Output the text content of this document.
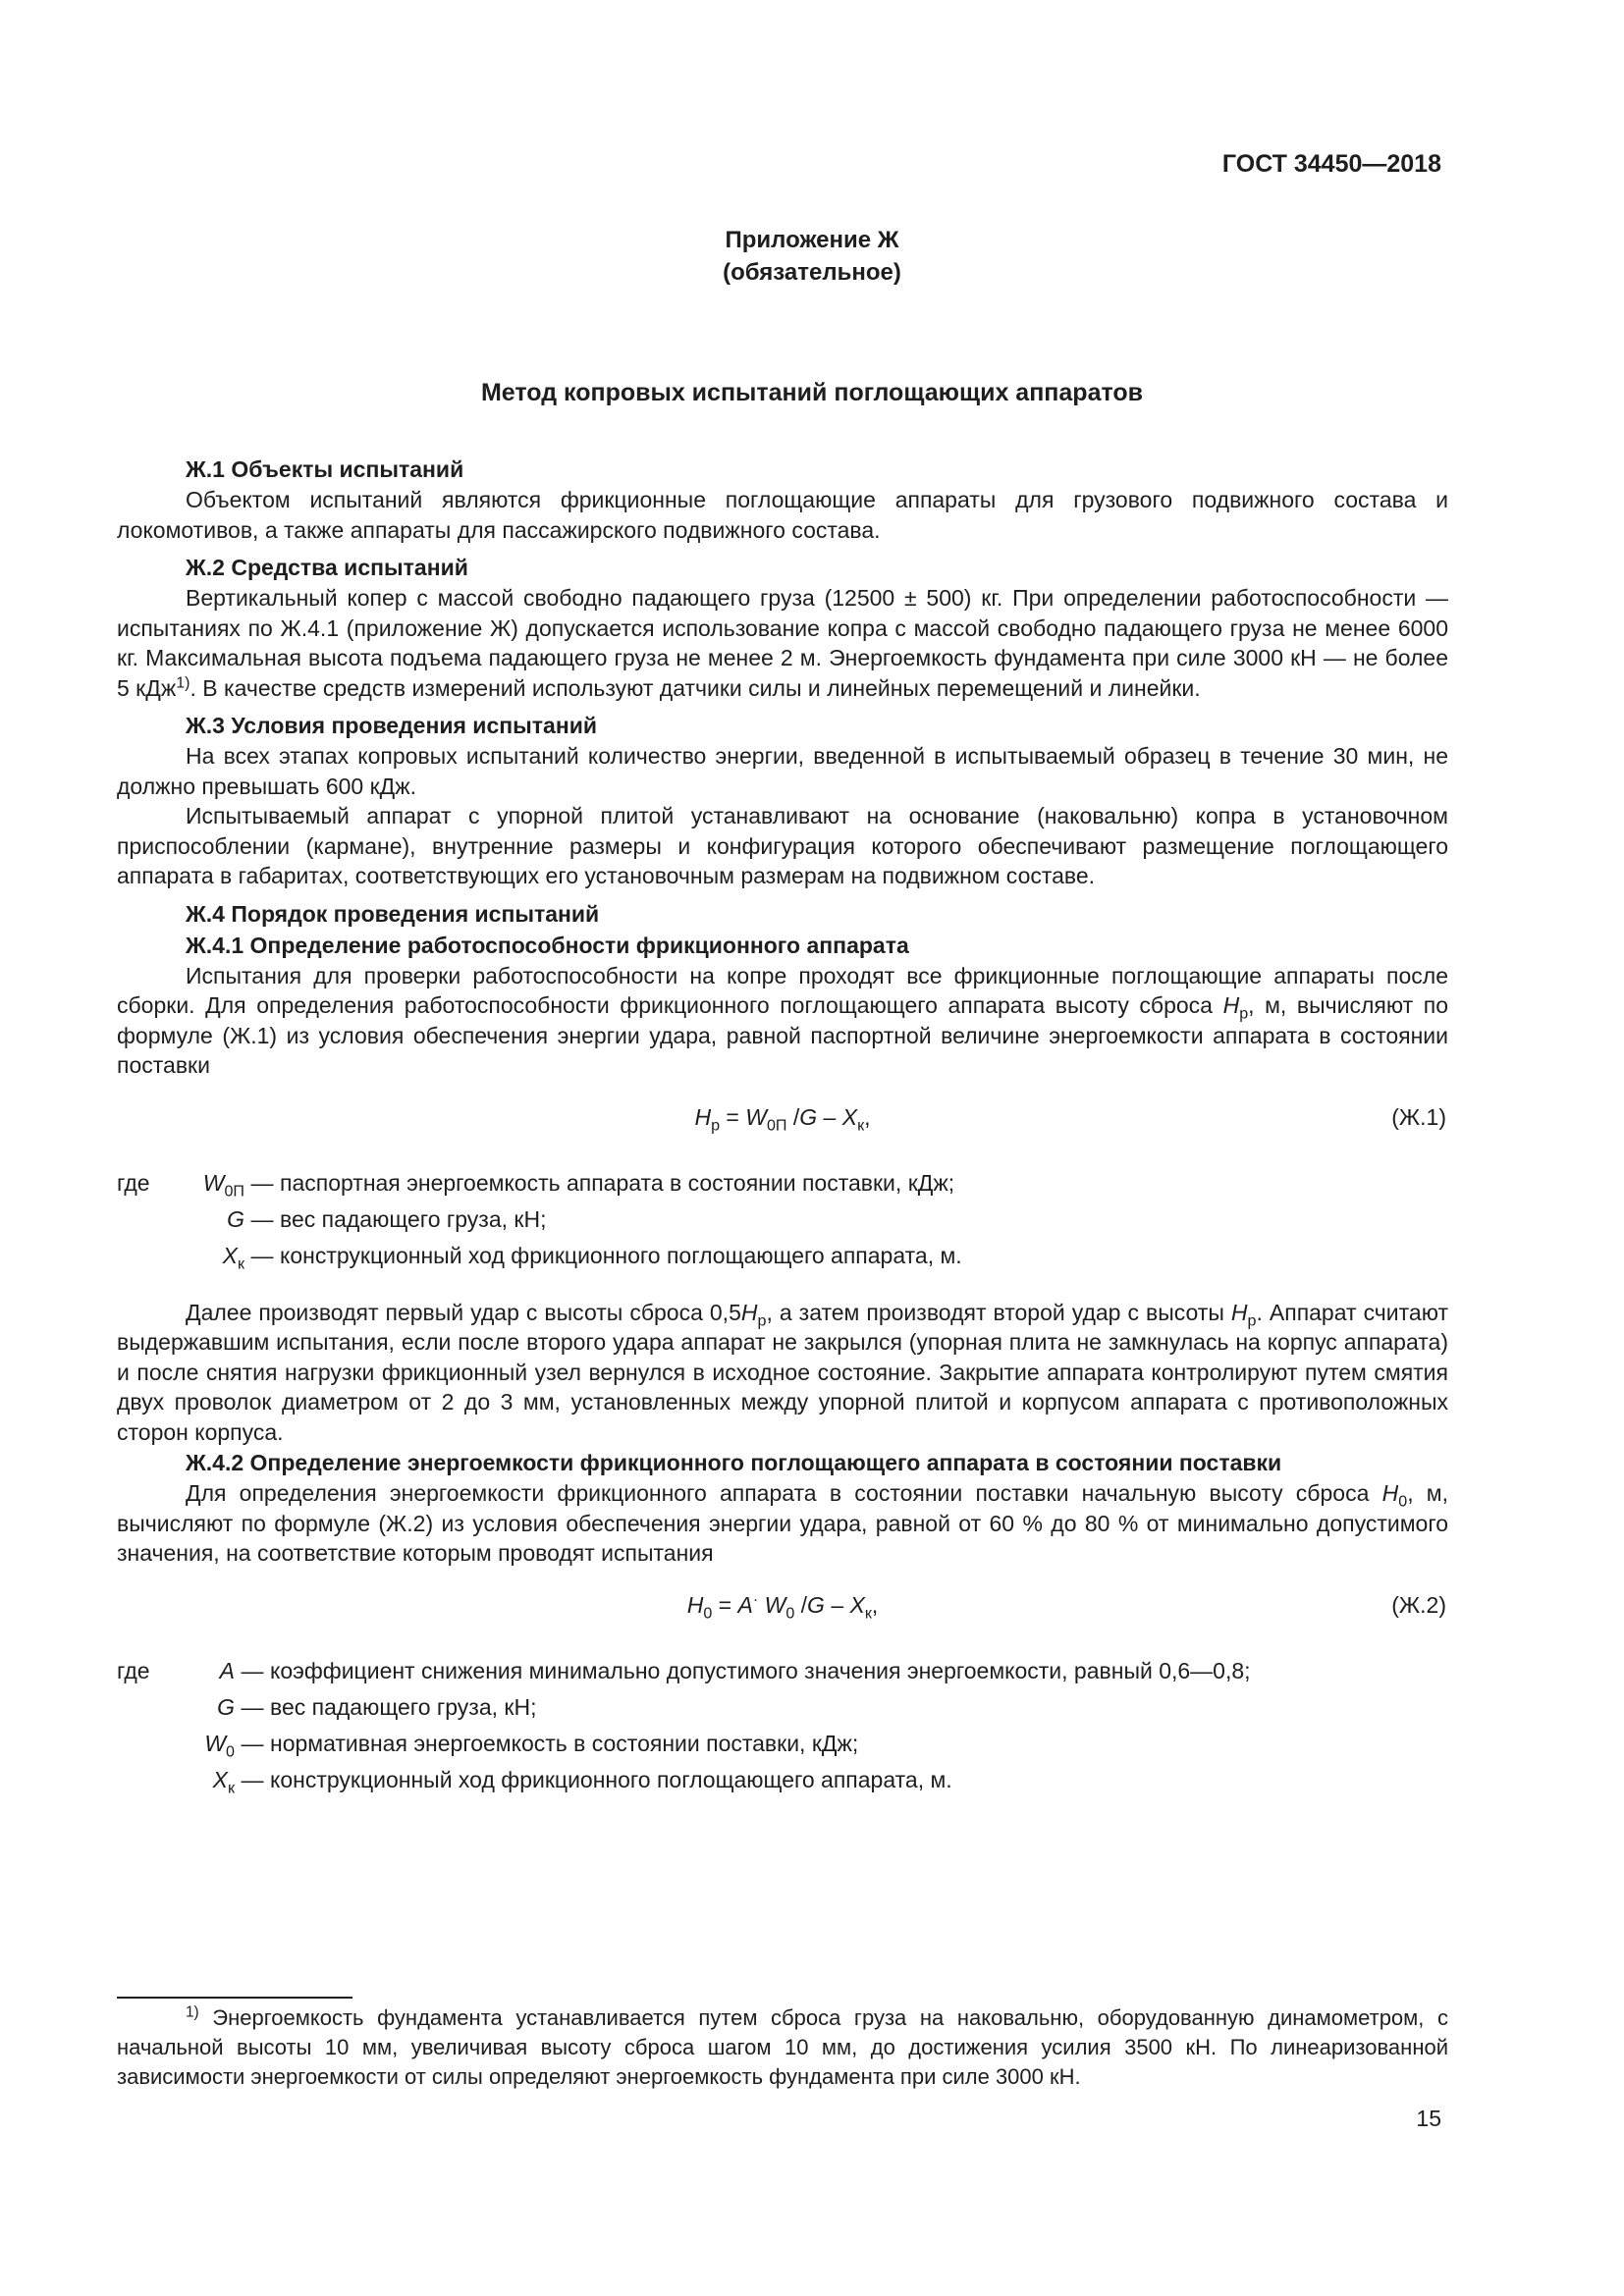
ГОСТ 34450—2018
Приложение Ж
(обязательное)
Метод копровых испытаний поглощающих аппаратов
Ж.1 Объекты испытаний

Объектом испытаний являются фрикционные поглощающие аппараты для грузового подвижного состава и локомотивов, а также аппараты для пассажирского подвижного состава.

Ж.2 Средства испытаний

Вертикальный копер с массой свободно падающего груза (12500 ± 500) кг. При определении работоспособности — испытаниях по Ж.4.1 (приложение Ж) допускается использование копра с массой свободно падающего груза не менее 6000 кг. Максимальная высота подъема падающего груза не менее 2 м. Энергоемкость фундамента при силе 3000 кН — не более 5 кДж$^{1)}$. В качестве средств измерений используют датчики силы и линейных перемещений и линейки.

Ж.3 Условия проведения испытаний

На всех этапах копровых испытаний количество энергии, введенной в испытываемый образец в течение 30 мин, не должно превышать 600 кДж.

Испытываемый аппарат с упорной плитой устанавливают на основание (наковальню) копра в установочном приспособлении (кармане), внутренние размеры и конфигурация которого обеспечивают размещение поглощающего аппарата в габаритах, соответствующих его установочным размерам на подвижном составе.

Ж.4 Порядок проведения испытаний
Ж.4.1 Определение работоспособности фрикционного аппарата

Испытания для проверки работоспособности на копре проходят все фрикционные поглощающие аппараты после сборки. Для определения работоспособности фрикционного поглощающего аппарата высоту сброса $H_р$, м, вычисляют по формуле (Ж.1) из условия обеспечения энергии удара, равной паспортной величине энергоемкости аппарата в состоянии поставки

$H_р = W_{0П}$ $/G - X_к$,	(Ж.1)
где	$W_{0П}$ — паспортная энергоемкость аппарата в состоянии поставки, кДж;
G — вес падающего груза, кН;
$X_к$ — конструкционный ход фрикционного поглощающего аппарата, м.

Далее производят первый удар с высоты сброса $0,5H_р$, а затем производят второй удар с высоты $H_р$. Аппарат считают выдержавшим испытания, если после второго удара аппарат не закрылся (упорная плита не замкнулась на корпус аппарата) и после снятия нагрузки фрикционный узел вернулся в исходное состояние. Закрытие аппарата контролируют путем смятия двух проволок диаметром от 2 до 3 мм, установленных между упорной плитой и корпусом аппарата с противоположных сторон корпуса.

Ж.4.2 Определение энергоемкости фрикционного поглощающего аппарата в состоянии поставки

Для определения энергоемкости фрикционного аппарата в состоянии поставки начальную высоту сброса $H_0$, м, вычисляют по формуле (Ж.2) из условия обеспечения энергии удара, равной от 60 % до 80 % от минимально допустимого значения, на соответствие которым проводят испытания

$H_0 = A^\cdot$ $W_0$ $/G - X_к$,	(Ж.2)
где	A — коэффициент снижения минимально допустимого значения энергоемкости, равный 0,6—0,8;
G — вес падающего груза, кН;
$W_0$ — нормативная энергоемкость в состоянии поставки, кДж;
$X_к$ — конструкционный ход фрикционного поглощающего аппарата, м.
$^{1)}$ Энергоемкость фундамента устанавливается путем сброса груза на наковальню, оборудованную динамометром, с начальной высоты 10 мм, увеличивая высоту сброса шагом 10 мм, до достижения усилия 3500 кН. По линеаризованной зависимости энергоемкости от силы определяют энергоемкость фундамента при силе 3000 кН.
15
